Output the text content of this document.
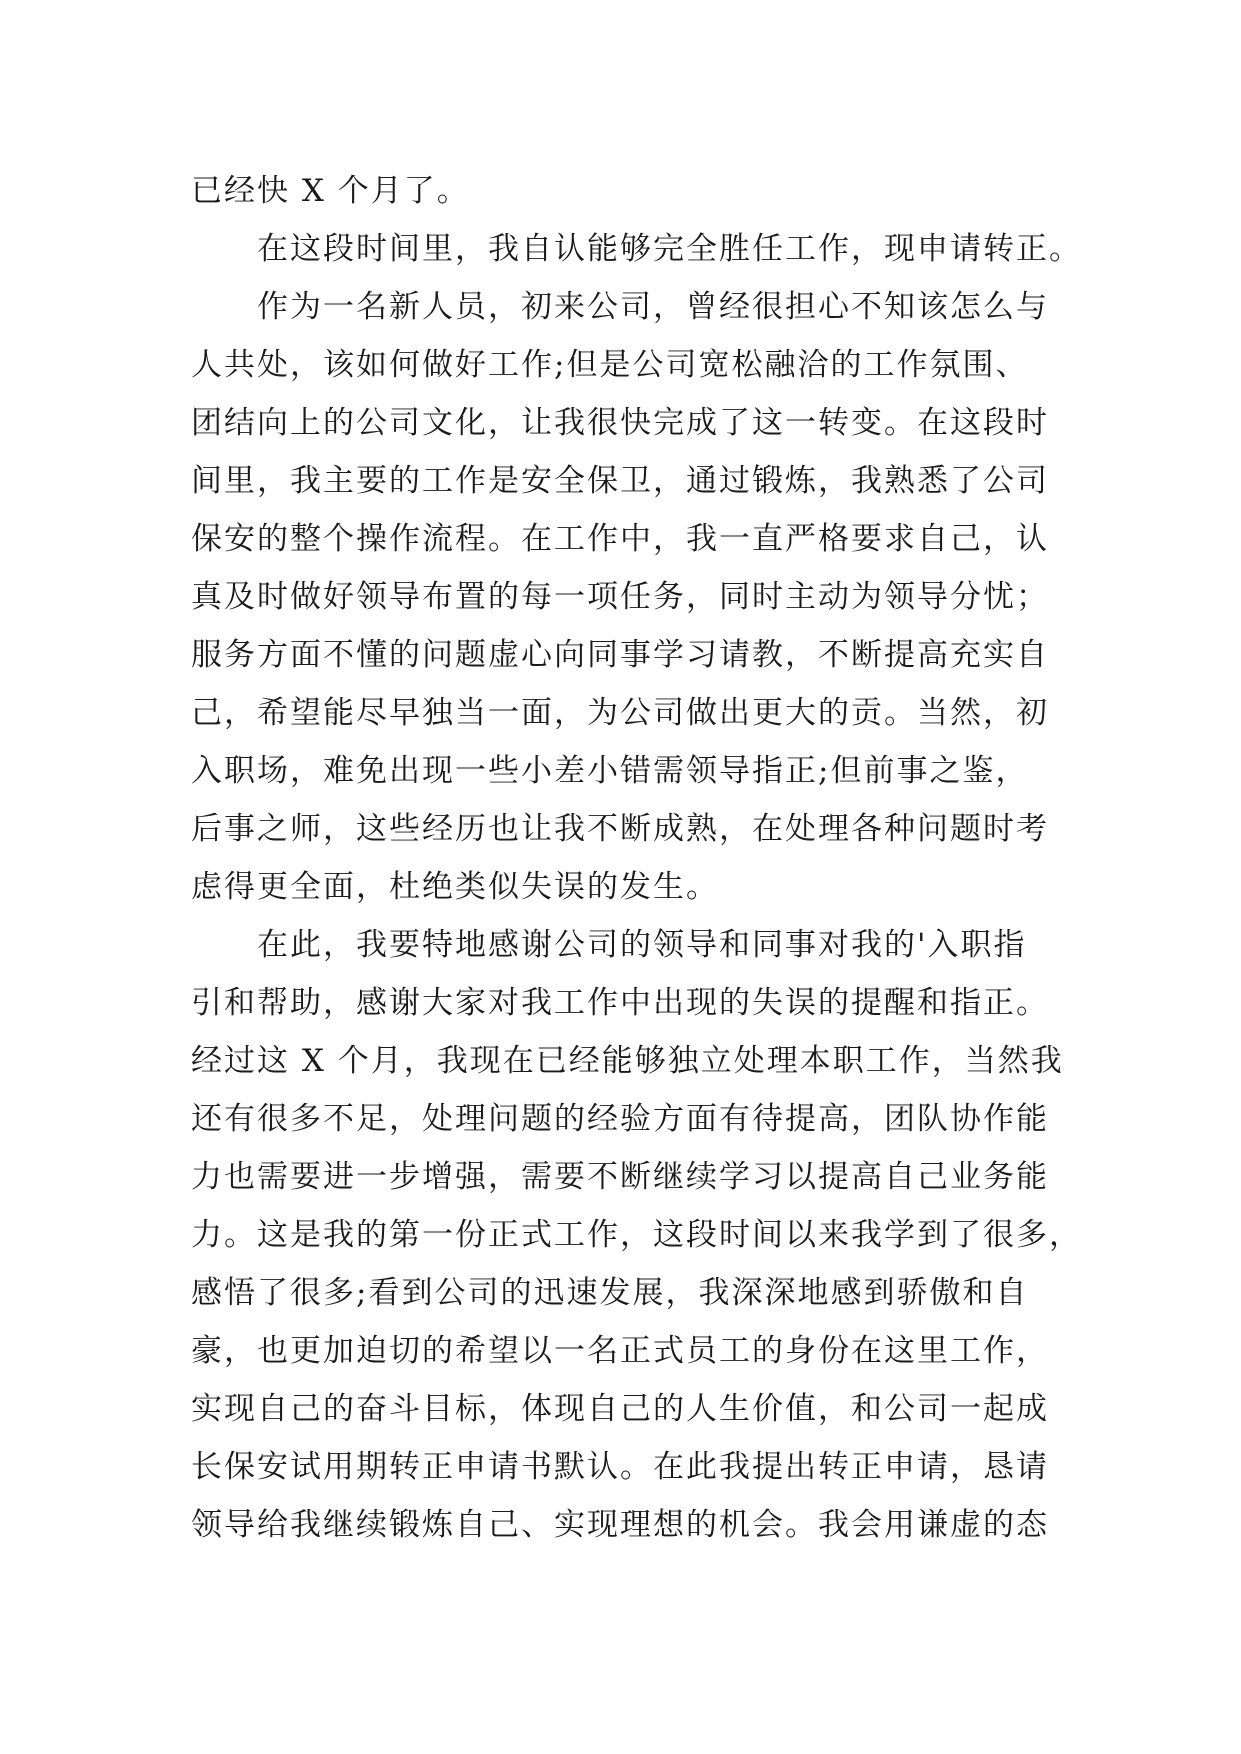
已经快 X 个月了。
在这段时间里，我自认能够完全胜任工作，现申请转正。
作为一名新人员，初来公司，曾经很担心不知该怎么与
人共处，该如何做好工作;但是公司宽松融洽的工作氛围、
团结向上的公司文化，让我很快完成了这一转变。在这段时
间里，我主要的工作是安全保卫，通过锻炼，我熟悉了公司
保安的整个操作流程。在工作中，我一直严格要求自己，认
真及时做好领导布置的每一项任务，同时主动为领导分忧；
服务方面不懂的问题虚心向同事学习请教，不断提高充实自
己，希望能尽早独当一面，为公司做出更大的贡。当然，初
入职场，难免出现一些小差小错需领导指正;但前事之鉴，
后事之师，这些经历也让我不断成熟，在处理各种问题时考
虑得更全面，杜绝类似失误的发生。
在此，我要特地感谢公司的领导和同事对我的'入职指
引和帮助，感谢大家对我工作中出现的失误的提醒和指正。
经过这 X 个月，我现在已经能够独立处理本职工作，当然我
还有很多不足，处理问题的经验方面有待提高，团队协作能
力也需要进一步增强，需要不断继续学习以提高自己业务能
力。这是我的第一份正式工作，这段时间以来我学到了很多，
感悟了很多;看到公司的迅速发展，我深深地感到骄傲和自
豪，也更加迫切的希望以一名正式员工的身份在这里工作，
实现自己的奋斗目标，体现自己的人生价值，和公司一起成
长保安试用期转正申请书默认。在此我提出转正申请，恳请
领导给我继续锻炼自己、实现理想的机会。我会用谦虚的态
